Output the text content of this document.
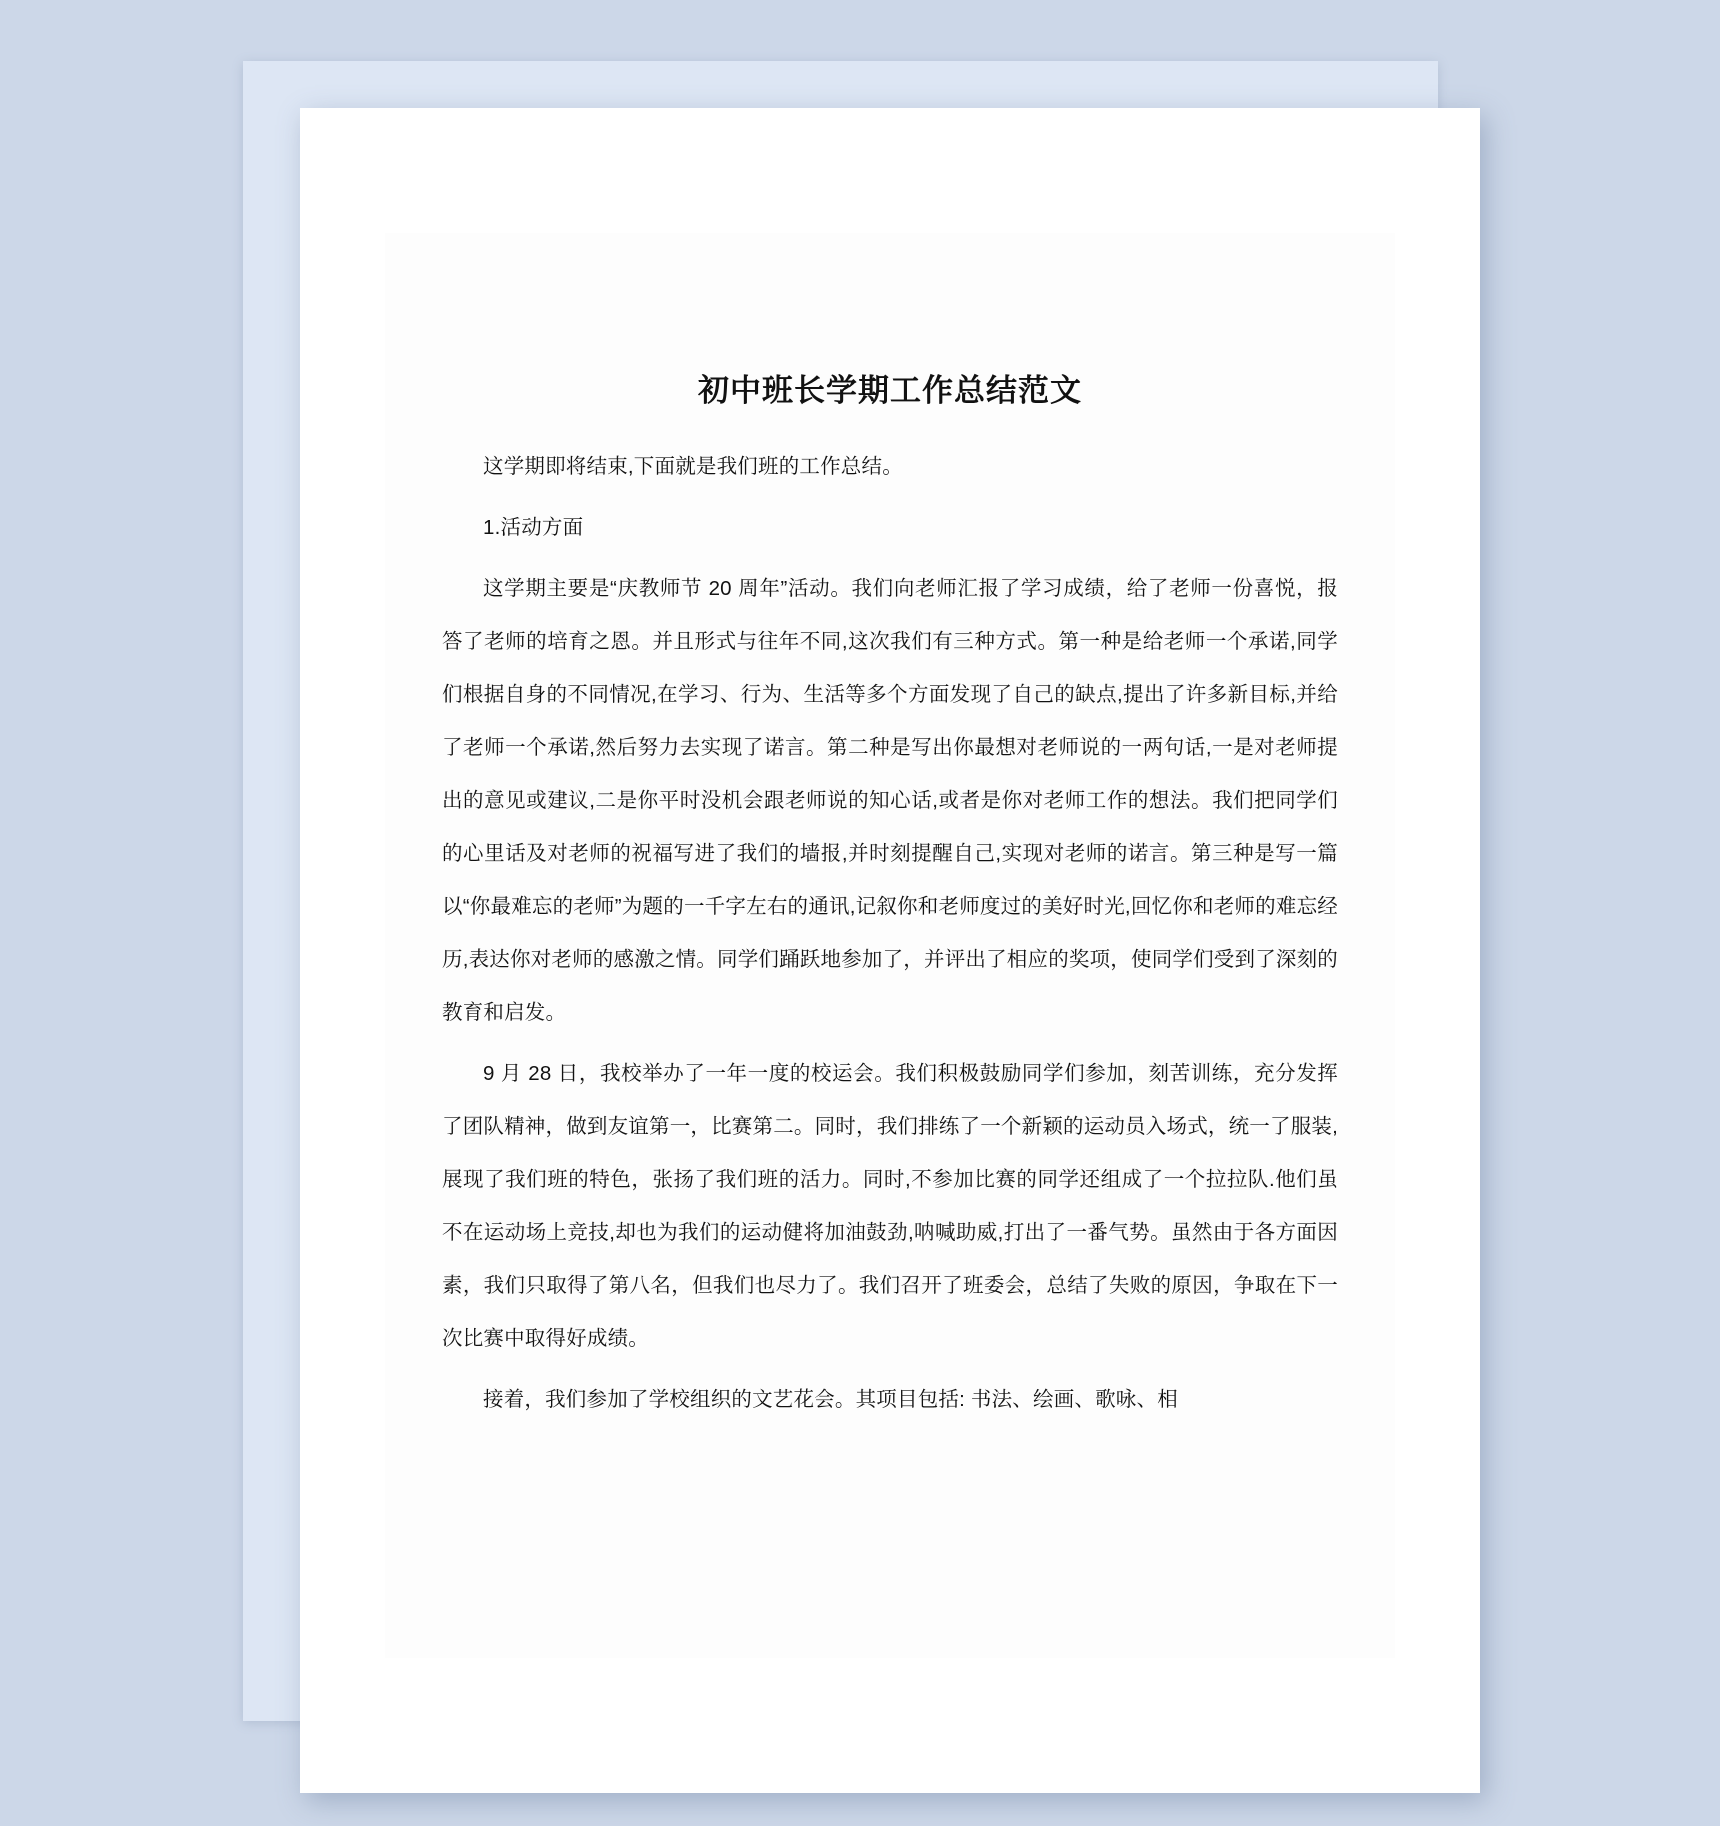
初中班长学期工作总结范文

这学期即将结束,下面就是我们班的工作总结。

1.活动方面

这学期主要是“庆教师节 20 周年”活动。我们向老师汇报了学习成绩，给了老师一份喜悦，报答了老师的培育之恩。并且形式与往年不同,这次我们有三种方式。第一种是给老师一个承诺,同学们根据自身的不同情况,在学习、行为、生活等多个方面发现了自己的缺点,提出了许多新目标,并给了老师一个承诺,然后努力去实现了诺言。第二种是写出你最想对老师说的一两句话,一是对老师提出的意见或建议,二是你平时没机会跟老师说的知心话,或者是你对老师工作的想法。我们把同学们的心里话及对老师的祝福写进了我们的墙报,并时刻提醒自己,实现对老师的诺言。第三种是写一篇以“你最难忘的老师”为题的一千字左右的通讯,记叙你和老师度过的美好时光,回忆你和老师的难忘经历,表达你对老师的感激之情。同学们踊跃地参加了，并评出了相应的奖项，使同学们受到了深刻的教育和启发。

9 月 28 日，我校举办了一年一度的校运会。我们积极鼓励同学们参加，刻苦训练，充分发挥了团队精神，做到友谊第一，比赛第二。同时，我们排练了一个新颖的运动员入场式，统一了服装,展现了我们班的特色，张扬了我们班的活力。同时,不参加比赛的同学还组成了一个拉拉队.他们虽不在运动场上竞技,却也为我们的运动健将加油鼓劲,呐喊助威,打出了一番气势。虽然由于各方面因素，我们只取得了第八名，但我们也尽力了。我们召开了班委会，总结了失败的原因，争取在下一次比赛中取得好成绩。

接着，我们参加了学校组织的文艺花会。其项目包括: 书法、绘画、歌咏、相
